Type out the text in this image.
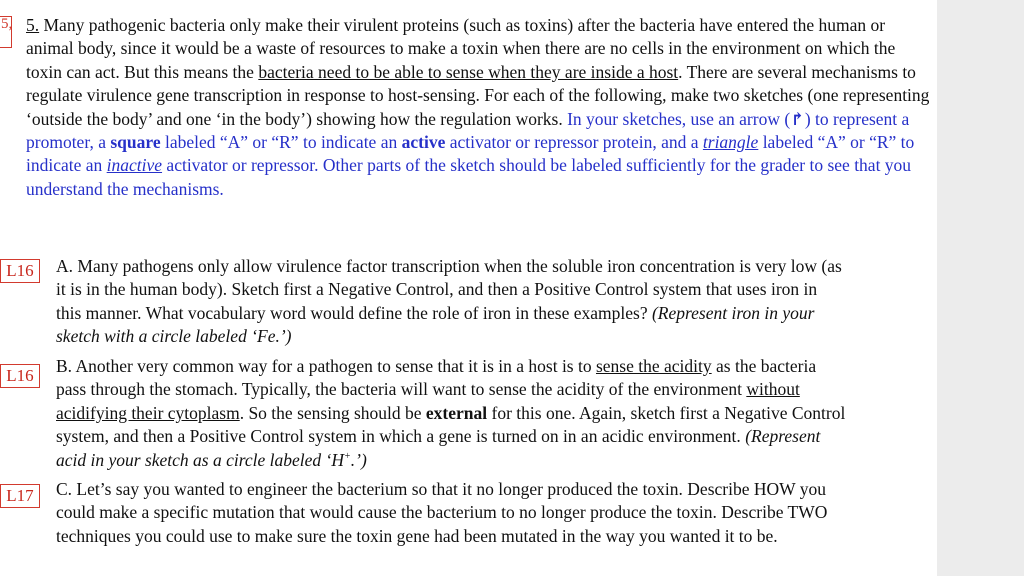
5, 5. Many pathogenic bacteria only make their virulent proteins (such as toxins) after the bacteria have entered the human or animal body, since it would be a waste of resources to make a toxin when there are no cells in the environment on which the toxin can act. But this means the bacteria need to be able to sense when they are inside a host. There are several mechanisms to regulate virulence gene transcription in response to host-sensing. For each of the following, make two sketches (one representing ‘outside the body’ and one ‘in the body’) showing how the regulation works. In your sketches, use an arrow (↱) to represent a promoter, a square labeled “A” or “R” to indicate an active activator or repressor protein, and a triangle labeled “A” or “R” to indicate an inactive activator or repressor. Other parts of the sketch should be labeled sufficiently for the grader to see that you understand the mechanisms.
L16	A. Many pathogens only allow virulence factor transcription when the soluble iron concentration is very low (as it is in the human body). Sketch first a Negative Control, and then a Positive Control system that uses iron in this manner. What vocabulary word would define the role of iron in these examples? (Represent iron in your sketch with a circle labeled ‘Fe.’)
L16	B. Another very common way for a pathogen to sense that it is in a host is to sense the acidity as the bacteria pass through the stomach. Typically, the bacteria will want to sense the acidity of the environment without acidifying their cytoplasm. So the sensing should be external for this one. Again, sketch first a Negative Control system, and then a Positive Control system in which a gene is turned on in an acidic environment. (Represent acid in your sketch as a circle labeled ‘H+.’)
L17	C. Let’s say you wanted to engineer the bacterium so that it no longer produced the toxin. Describe HOW you could make a specific mutation that would cause the bacterium to no longer produce the toxin. Describe TWO techniques you could use to make sure the toxin gene had been mutated in the way you wanted it to be.
